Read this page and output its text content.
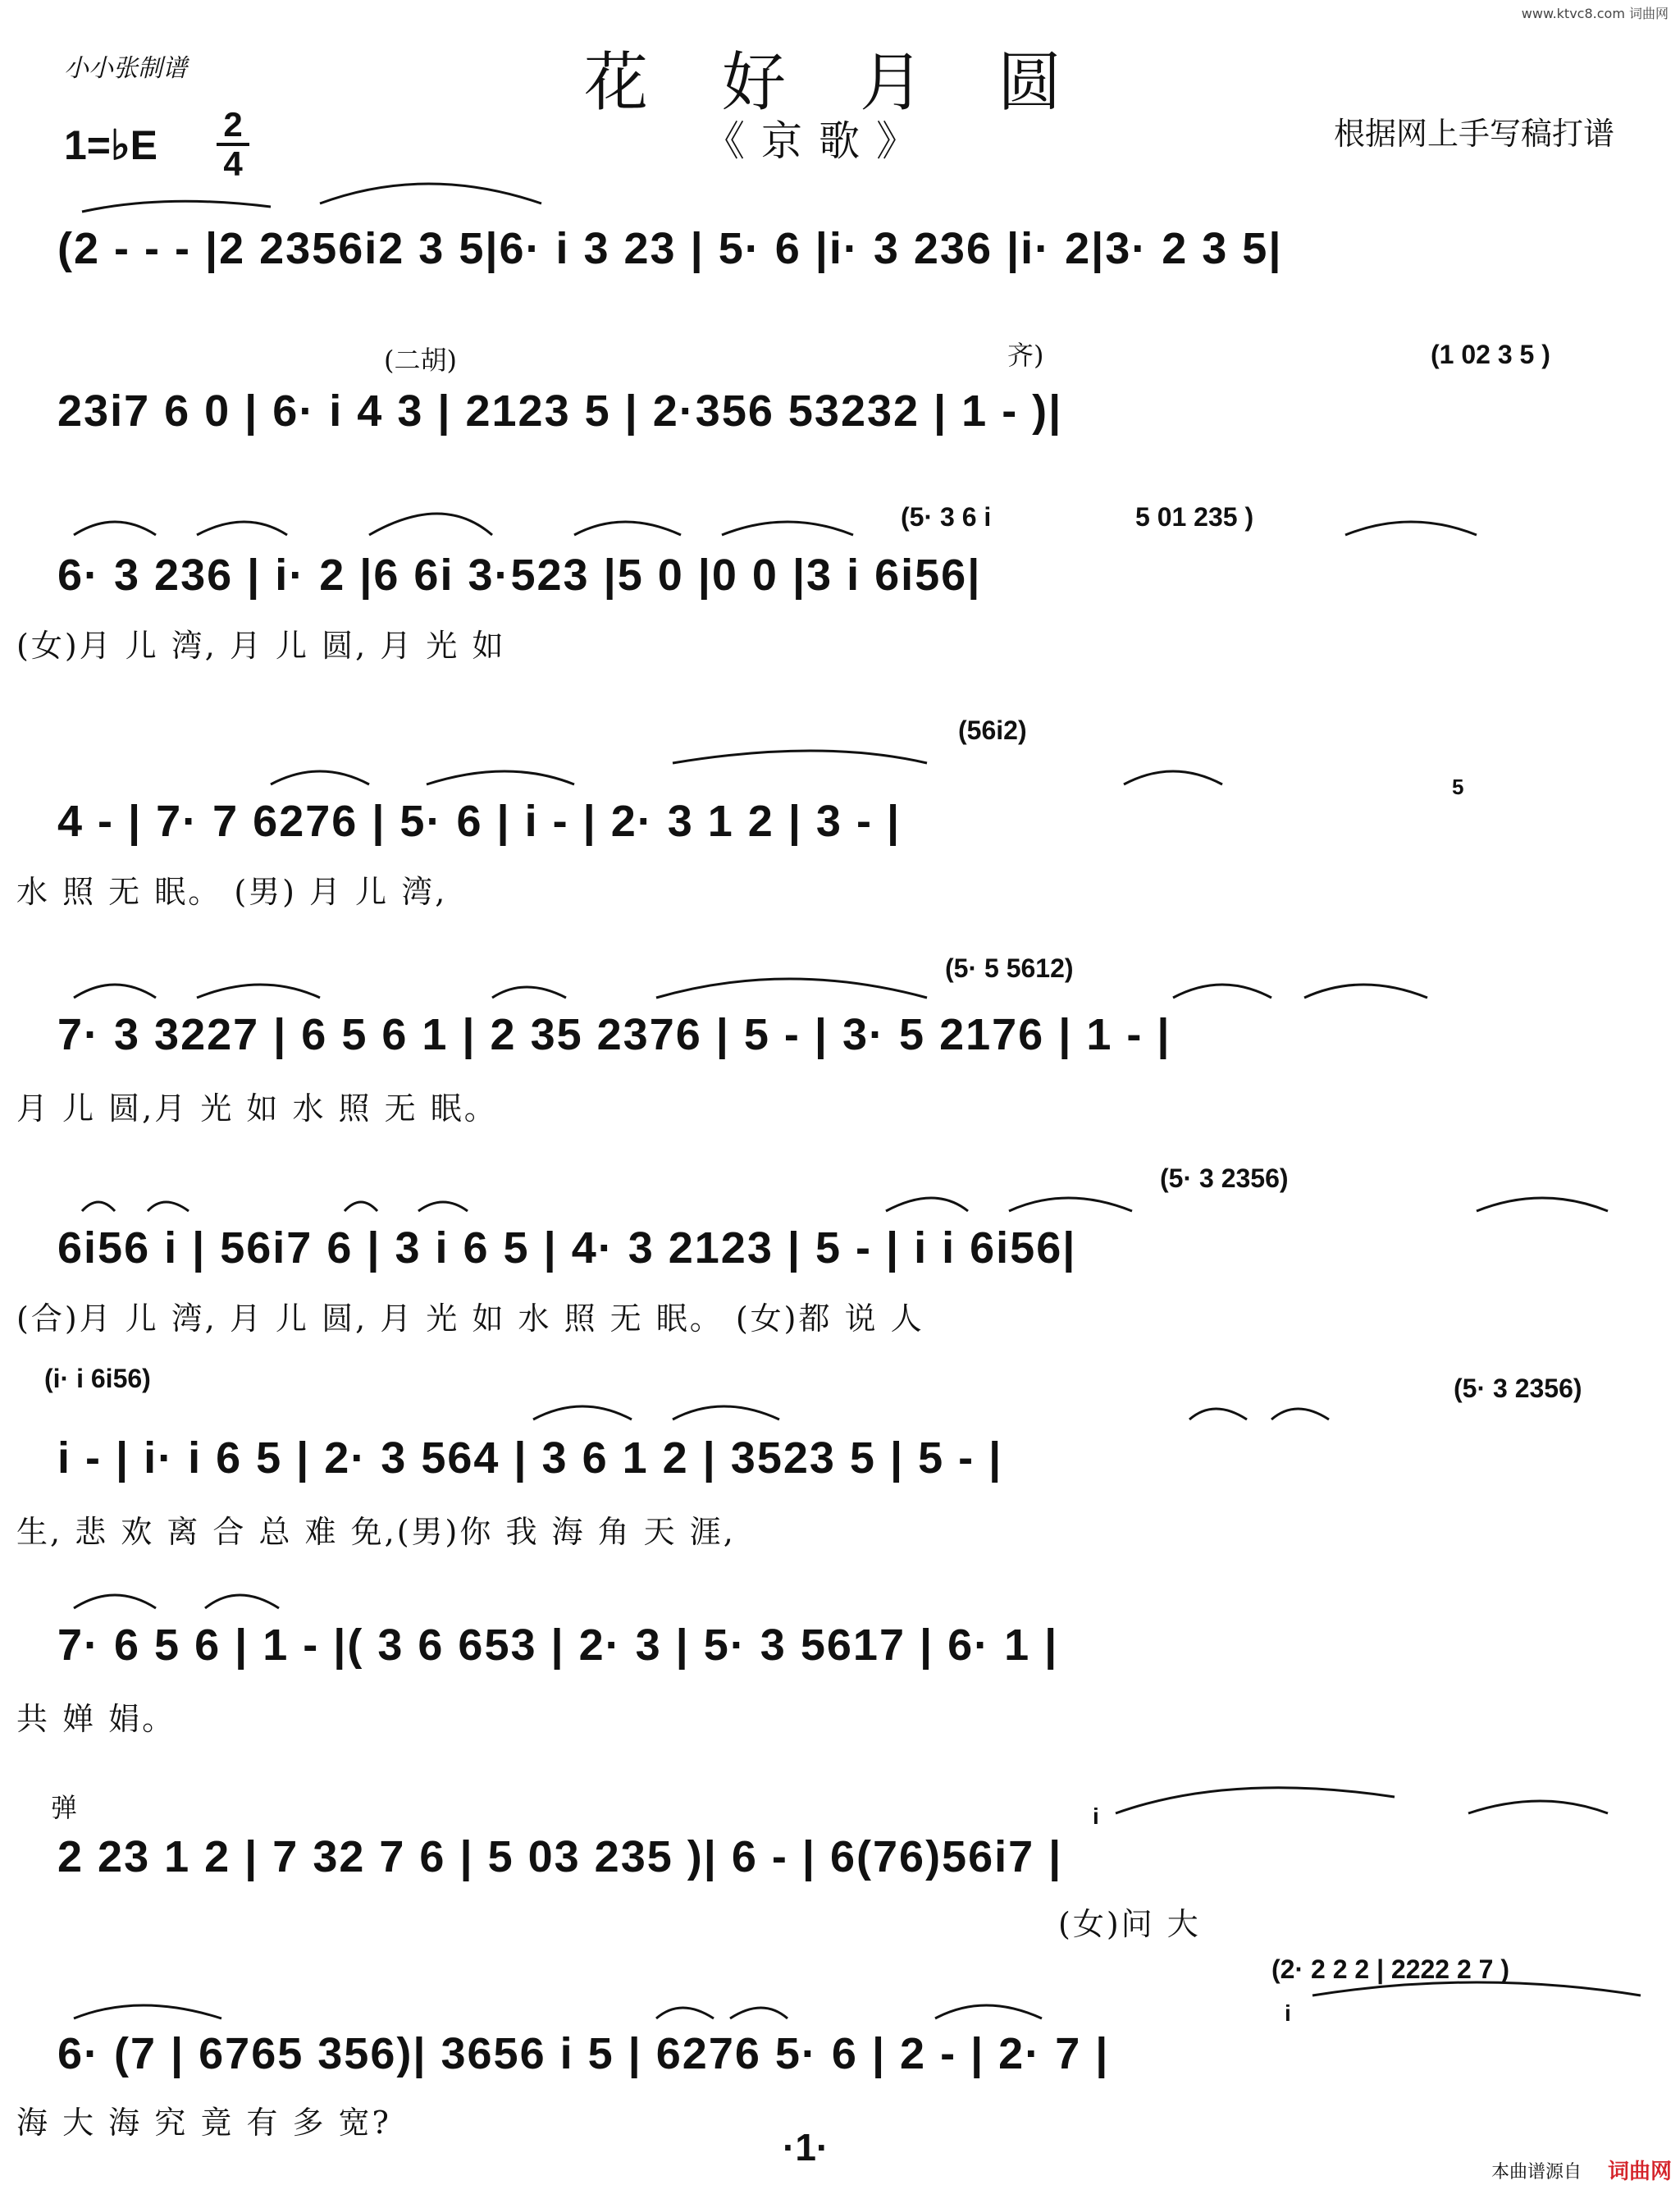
www.ktvc8.com 词曲网
小小张制谱	花好月圆
《京歌》	根据网上手写稿打谱
1=♭E 2
4
(2 - - - |2 2356i2 3 5|6· i 3 23 | 5· 6 |i· 3 236 |i· 2|3· 2 3 5|
(二胡)	齐)	(1 02 3 5 )
23i7 6 0 | 6· i 4 3 | 2123 5 | 2·356 53232 | 1 - )|
(5· 3 6 i	5 01 235 )
6· 3 236 | i· 2 |6 6i 3·523 |5 0 |0 0 |3 i 6i56|
(女)月 儿 湾, 月 儿 圆, 月 光 如
(56i2)
5
4 - | 7· 7 6276 | 5· 6 | i - | 2· 3 1 2 | 3 - |
水 照 无 眠。 (男) 月 儿 湾,
(5· 5 5612)
7· 3 3227 | 6 5 6 1 | 2 35 2376 | 5 - | 3· 5 2176 | 1 - |
月 儿 圆,月 光 如 水 照 无 眠。
(5· 3 2356)
6i56 i | 56i7 6 | 3 i 6 5 | 4· 3 2123 | 5 - | i i 6i56|
(合)月 儿 湾, 月 儿 圆, 月 光 如 水 照 无 眠。 (女)都 说 人
(i· i 6i56)	(5· 3 2356)
i - | i· i 6 5 | 2· 3 564 | 3 6 1 2 | 3523 5 | 5 - |
生, 悲 欢 离 合 总 难 免,(男)你 我 海 角 天 涯,
7· 6 5 6 | 1 - |( 3 6 653 | 2· 3 | 5· 3 5617 | 6· 1 |
共 婵 娟。
弹	i
2 23 1 2 | 7 32 7 6 | 5 03 235 )| 6 - | 6(76)56i7 |
(女)问 大
(2· 2 2 2 | 2222 2 7 )
i
6· (7 | 6765 356)| 3656 i 5 | 6276 5· 6 | 2 - | 2· 7 |
海 大 海 究 竟 有 多 宽?
·1·
本曲谱源自 词曲网
